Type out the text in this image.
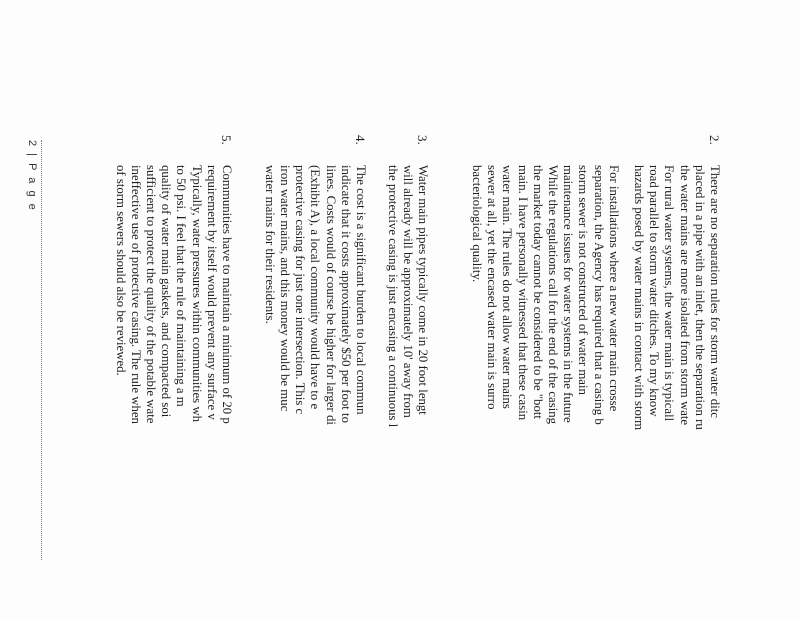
2.
There are no separation rules for storm water ditc
placed in a pipe with an inlet, then the separation ru
the water mains are more isolated from storm wate
For rural water systems, the water main is typicall
road parallel to storm water ditches. To my know
hazards posed by water mains in contact with storm
For installations where a new water main crosse
separation, the Agency has required that a casing b
storm sewer is not constructed of water main
maintenance issues for water systems in the future
While the regulations call for the end of the casing
the market today cannot be considered to be "bott
main. I have personally witnessed that these casin
water main. The rules do not allow water mains
sewer at all, yet the encased water main is surro
bacteriological quality.
3.
Water main pipes typically come in 20 foot lengt
will already will be approximately 10' away from
the protective casing is just encasing a continuous l
4.
The cost is a significant burden to local commun
indicate that it costs approximately $50 per foot to
lines. Costs would of course be higher for larger di
(Exhibit A), a local community would have to e
protective casing for just one intersection. This c
iron water mains, and this money would be muc
water mains for their residents.
5.
Communities have to maintain a minimum of 20 p
requirement by itself would prevent any surface v
Typically, water pressures within communities wh
to 50 psi. I feel that the rule of maintaining a m
quality of water main gaskets, and compacted soi
sufficient to protect the quality of the potable wate
ineffective use of protective casing. The rule when
of storm sewers should also be reviewed.
2 | P a g e
